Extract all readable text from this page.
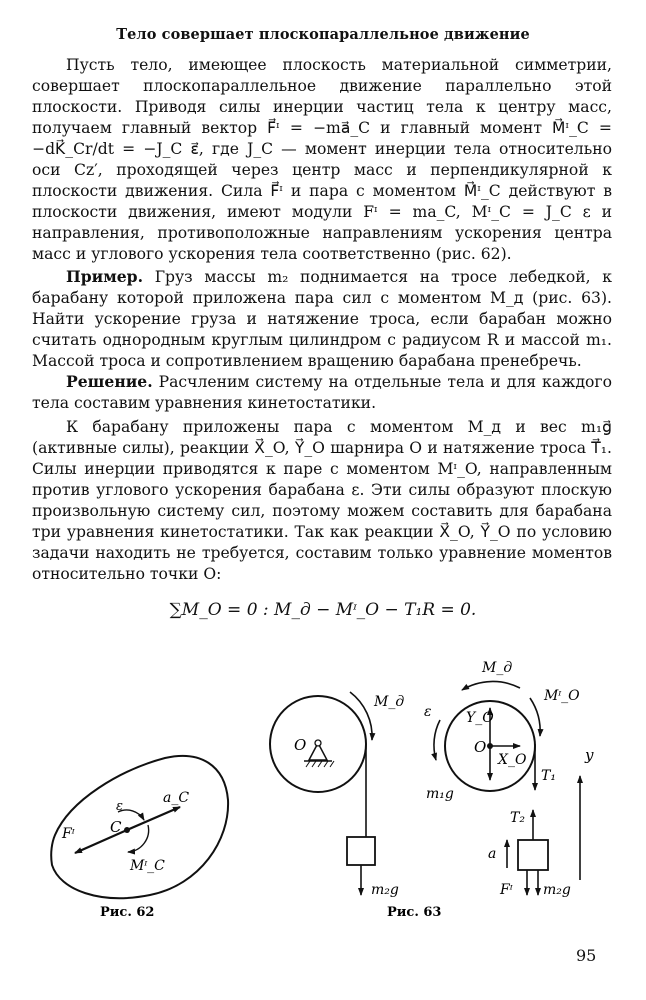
Тело совершает плоскопараллельное движение

Пусть тело, имеющее плоскость материальной симметрии, совершает плоскопараллельное движение параллельно этой плоскости. Приводя силы инерции частиц тела к центру масс, получаем главный вектор F⃗ᶦ = −ma⃗_C и главный момент M⃗ᶦ_C = −dK⃗_Cr/dt = −J_C ε⃗, где J_C — момент инерции тела относительно оси Cz′, проходящей через центр масс и перпендикулярной к плоскости движения. Сила F⃗ᶦ и пара с моментом M⃗ᶦ_C действуют в плоскости движения, имеют модули Fᶦ = ma_C, Mᶦ_C = J_C ε и направления, противоположные направлениям ускорения центра масс и углового ускорения тела соответственно (рис. 62).

Пример. Груз массы m₂ поднимается на тросе лебедкой, к барабану которой приложена пара сил с моментом M_д (рис. 63). Найти ускорение груза и натяжение троса, если барабан можно считать однородным круглым цилиндром с радиусом R и массой m₁. Массой троса и сопротивлением вращению барабана пренебречь.

Решение. Расчленим систему на отдельные тела и для каждого тела составим уравнения кинетостатики.

К барабану приложены пара с моментом M_д и вес m₁g⃗ (активные силы), реакции X⃗_O, Y⃗_O шарнира O и натяжение троса T⃗₁. Силы инерции приводятся к паре с моментом Mᶦ_O, направленным против углового ускорения барабана ε. Эти силы образуют плоскую произвольную систему сил, поэтому можем составить для барабана три уравнения кинетостатики. Так как реакции X⃗_O, Y⃗_O по условию задачи находить не требуется, составим только уравнение моментов относительно точки O:

∑M_O = 0 : M_д − Mᶦ_O − T₁R = 0.
Fᶦ C
ε
a_C
Mᶦ_C
Рис. 62
M_д
O
m₂g
Рис. 63
M_д
Mᶦ_O
ε Y_O
O
X_O
m₁g
T₁
y
T₂
a
Fᶦ m₂g
95
